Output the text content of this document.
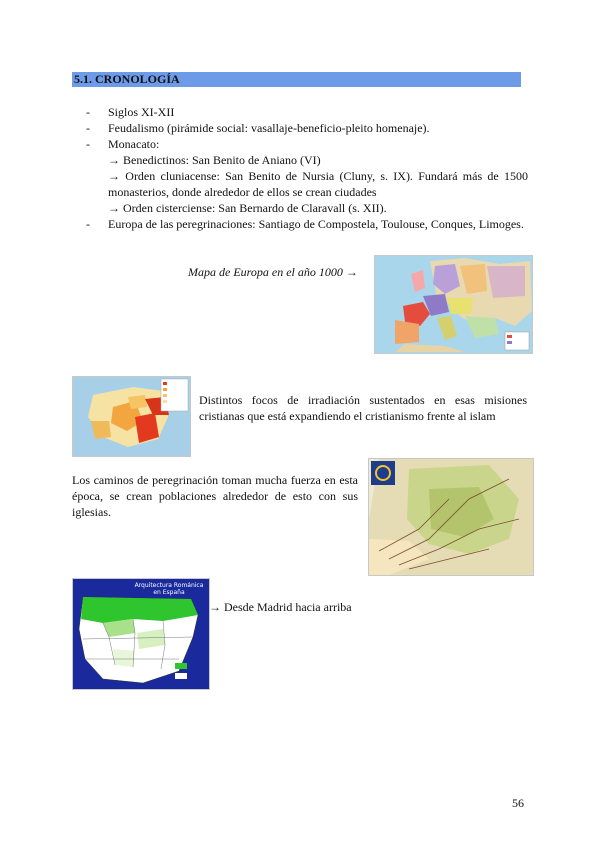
5.1. CRONOLOGÍA
- Siglos XI-XII
- Feudalismo (pirámide social: vasallaje-beneficio-pleito homenaje).
- Monacato:
→ Benedictinos: San Benito de Aniano (VI)
→ Orden cluniacense: San Benito de Nursia (Cluny, s. IX). Fundará más de 1500 monasterios, donde alrededor de ellos se crean ciudades
→ Orden cisterciense: San Bernardo de Claravall (s. XII).
- Europa de las peregrinaciones: Santiago de Compostela, Toulouse, Conques, Limoges.
Mapa de Europa en el año 1000 →
Distintos focos de irradiación sustentados en esas misiones cristianas que está expandiendo el cristianismo frente al islam
Los caminos de peregrinación toman mucha fuerza en esta época, se crean poblaciones alrededor de esto con sus iglesias.
Arquitectura Románica
en España
→ Desde Madrid hacia arriba
56
